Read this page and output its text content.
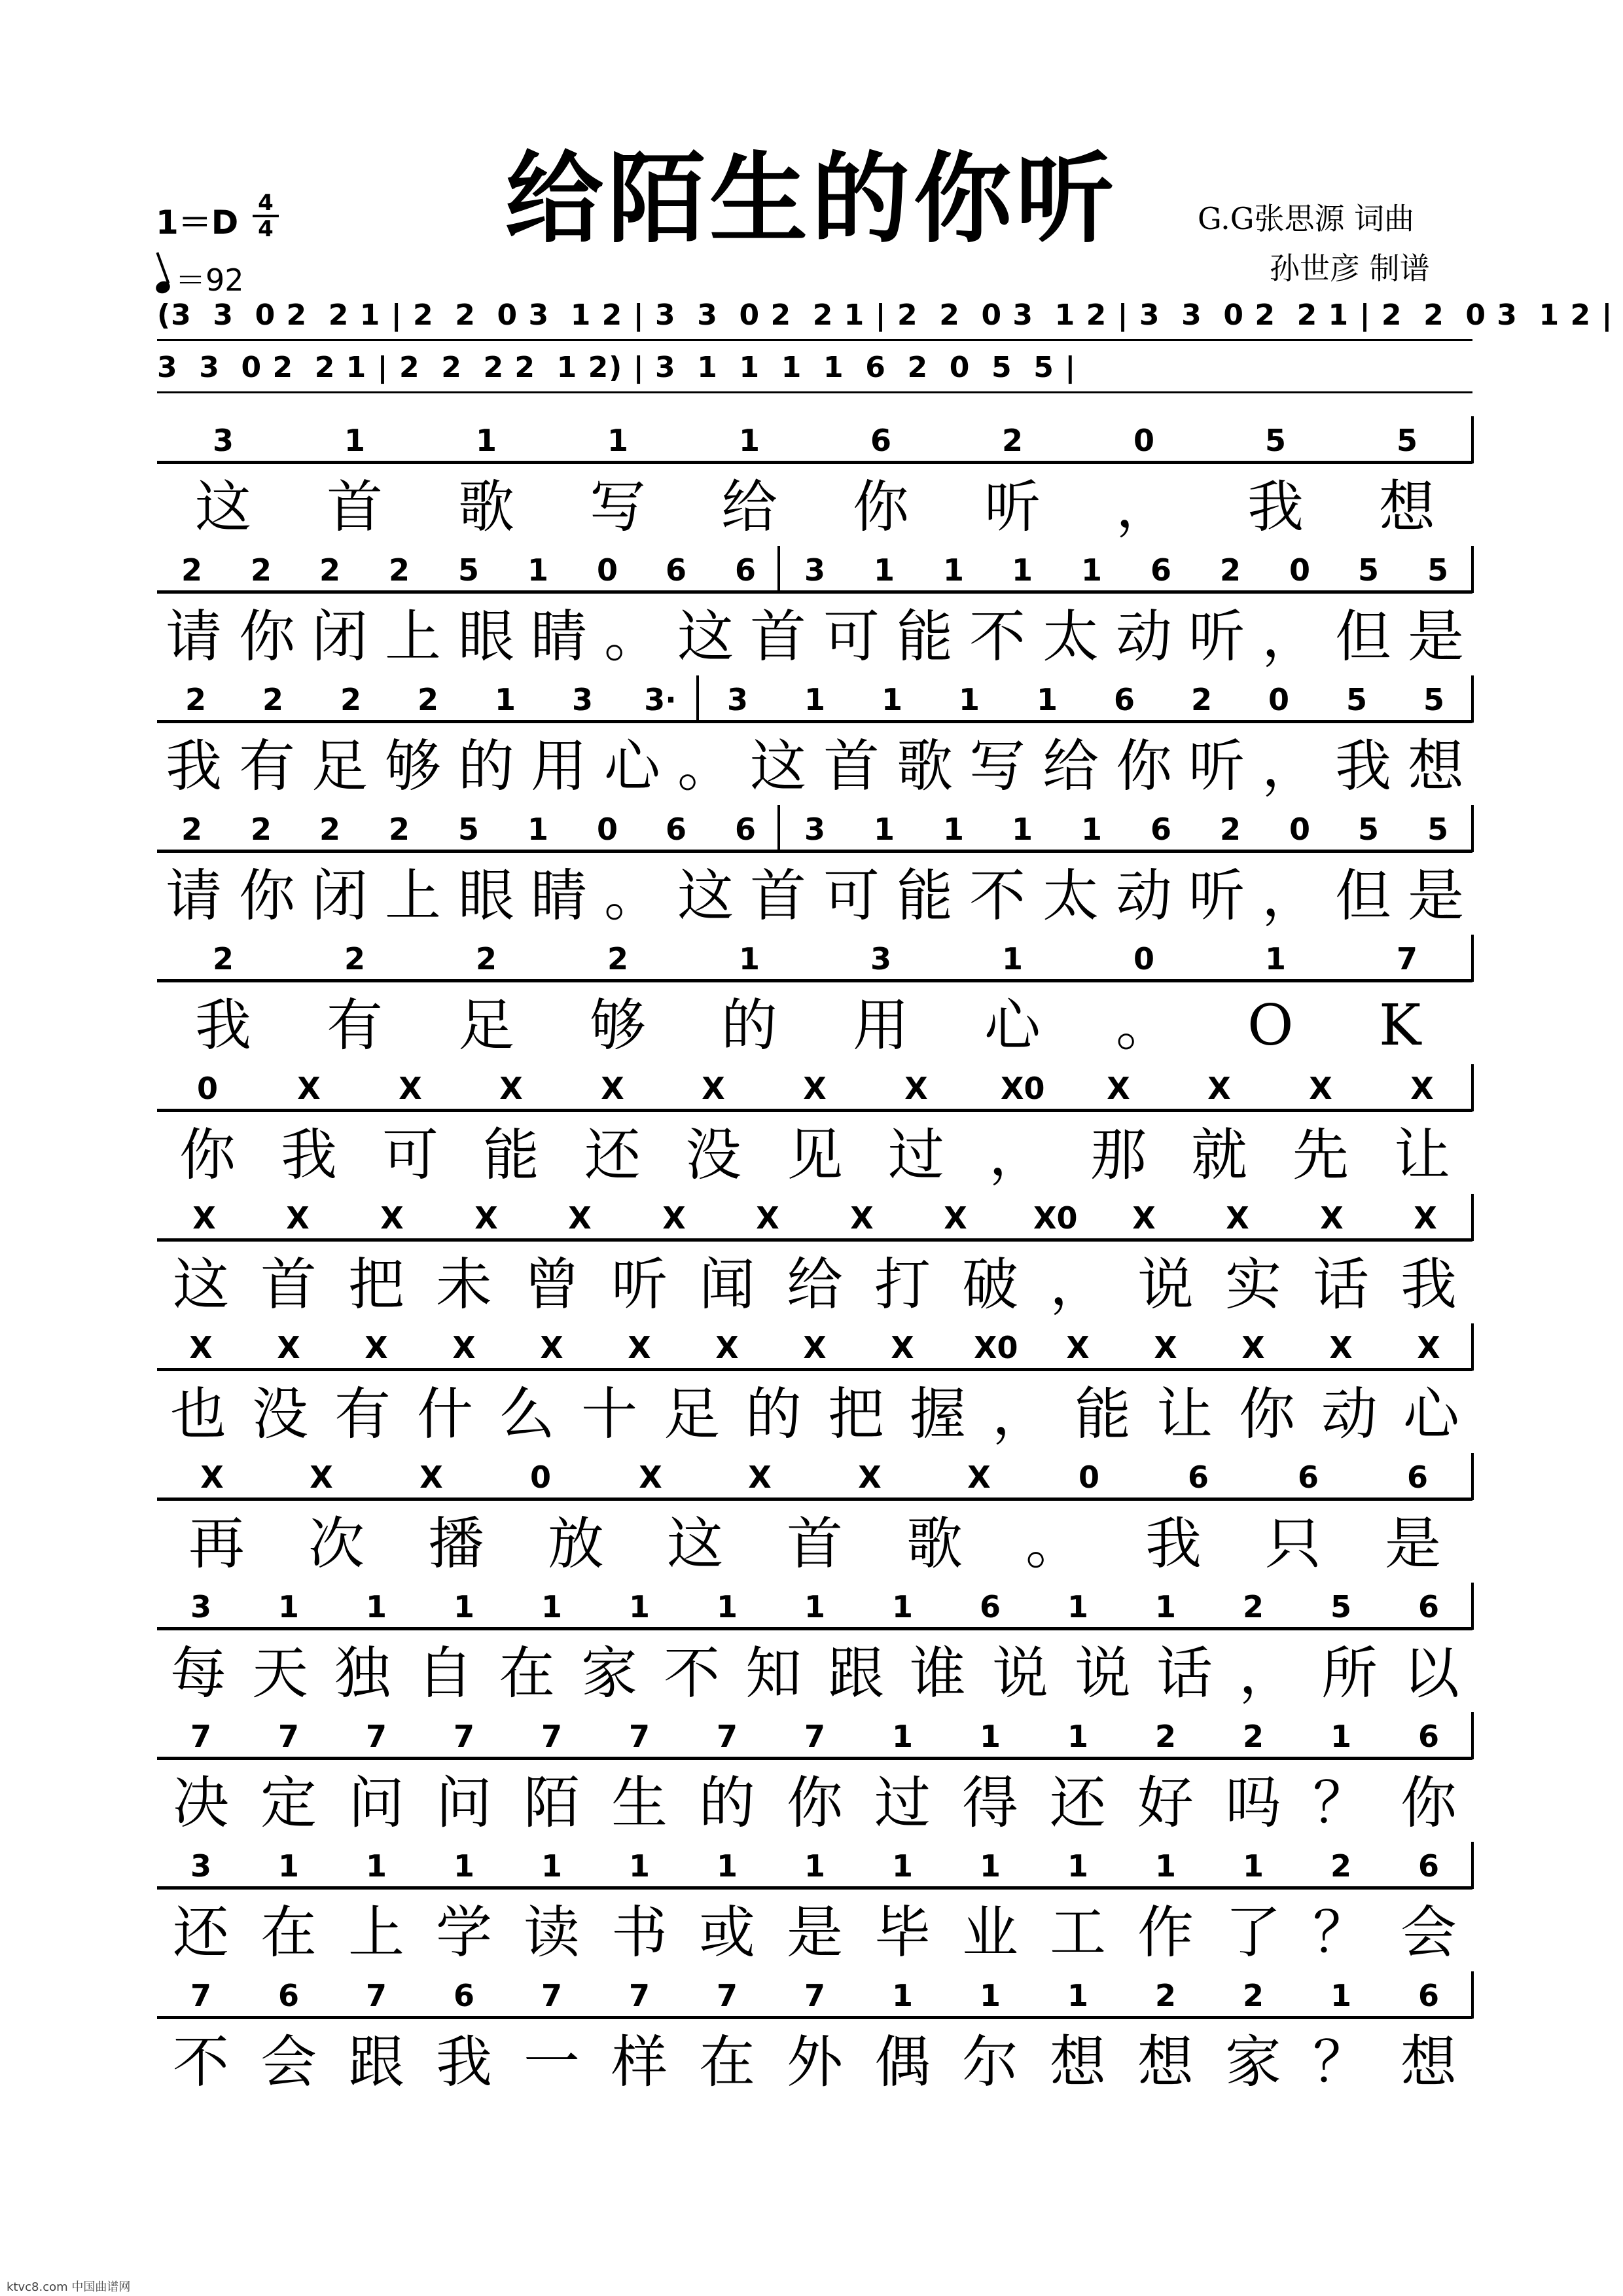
给陌生的你听
1＝D
4
4
＝92
G.G张思源 词曲
孙世彦 制谱
(3  3  0 2  2 1 | 2  2  0 3  1 2 | 3  3  0 2  2 1 | 2  2  0 3  1 2 | 3  3  0 2  2 1 | 2  2  0 3  1 2 |
3  3  0 2  2 1 | 2  2  2 2  1 2) | 3  1  1  1  1  6  2  0  5  5 |
3	1	1	1	1	6	2	0	5	5
这 首 歌 写 给 你 听 ， 我 想
2 2 2 2 5 1 0 6 6 3 1 1 1 1 6 2 0 5 5
请 你 闭 上 眼 睛 。 这 首 可 能 不 太 动 听 ， 但 是
2 2 2 2 1 3 3· 3 1 1 1 1 6 2 0 5 5
我 有 足 够 的 用 心 。 这 首 歌 写 给 你 听 ， 我 想
2 2 2 2 5 1 0 6 6 3 1 1 1 1 6 2 0 5 5
请 你 闭 上 眼 睛 。 这 首 可 能 不 太 动 听 ， 但 是
2	2	2	2	1	3	1	0	1	7
我 有 足 够 的 用 心 。 O K
0	X	X	X	X	X	X	X X0 X	X	X	X
你 我 可 能 还 没 见 过 ， 那 就 先 让
X X X X X X X X X X0 X X X X
这 首 把 未 曾 听 闻 给 打 破 ， 说 实 话 我
X X X X X X X X X X0 X X X X X
也 没 有 什 么 十 足 的 把 握 ， 能 让 你 动 心
X	X	X	0	X	X	X	X	0	6	6	6
再 次 播 放 这 首 歌 。 我 只 是
3 1 1 1 1 1 1 1 1 6 1 1 2 5 6
每 天 独 自 在 家 不 知 跟 谁 说 说 话 ， 所 以
7 7 7 7 7 7 7 7 1 1 1 2 2 1 6
决 定 问 问 陌 生 的 你 过 得 还 好 吗 ？ 你
3 1 1 1 1 1 1 1 1 1 1 1 1 2 6
还 在 上 学 读 书 或 是 毕 业 工 作 了 ？ 会
7 6 7 6 7 7 7 7 1 1 1 2 2 1 6
不 会 跟 我 一 样 在 外 偶 尔 想 想 家 ？ 想
ktvc8.com 中国曲谱网
